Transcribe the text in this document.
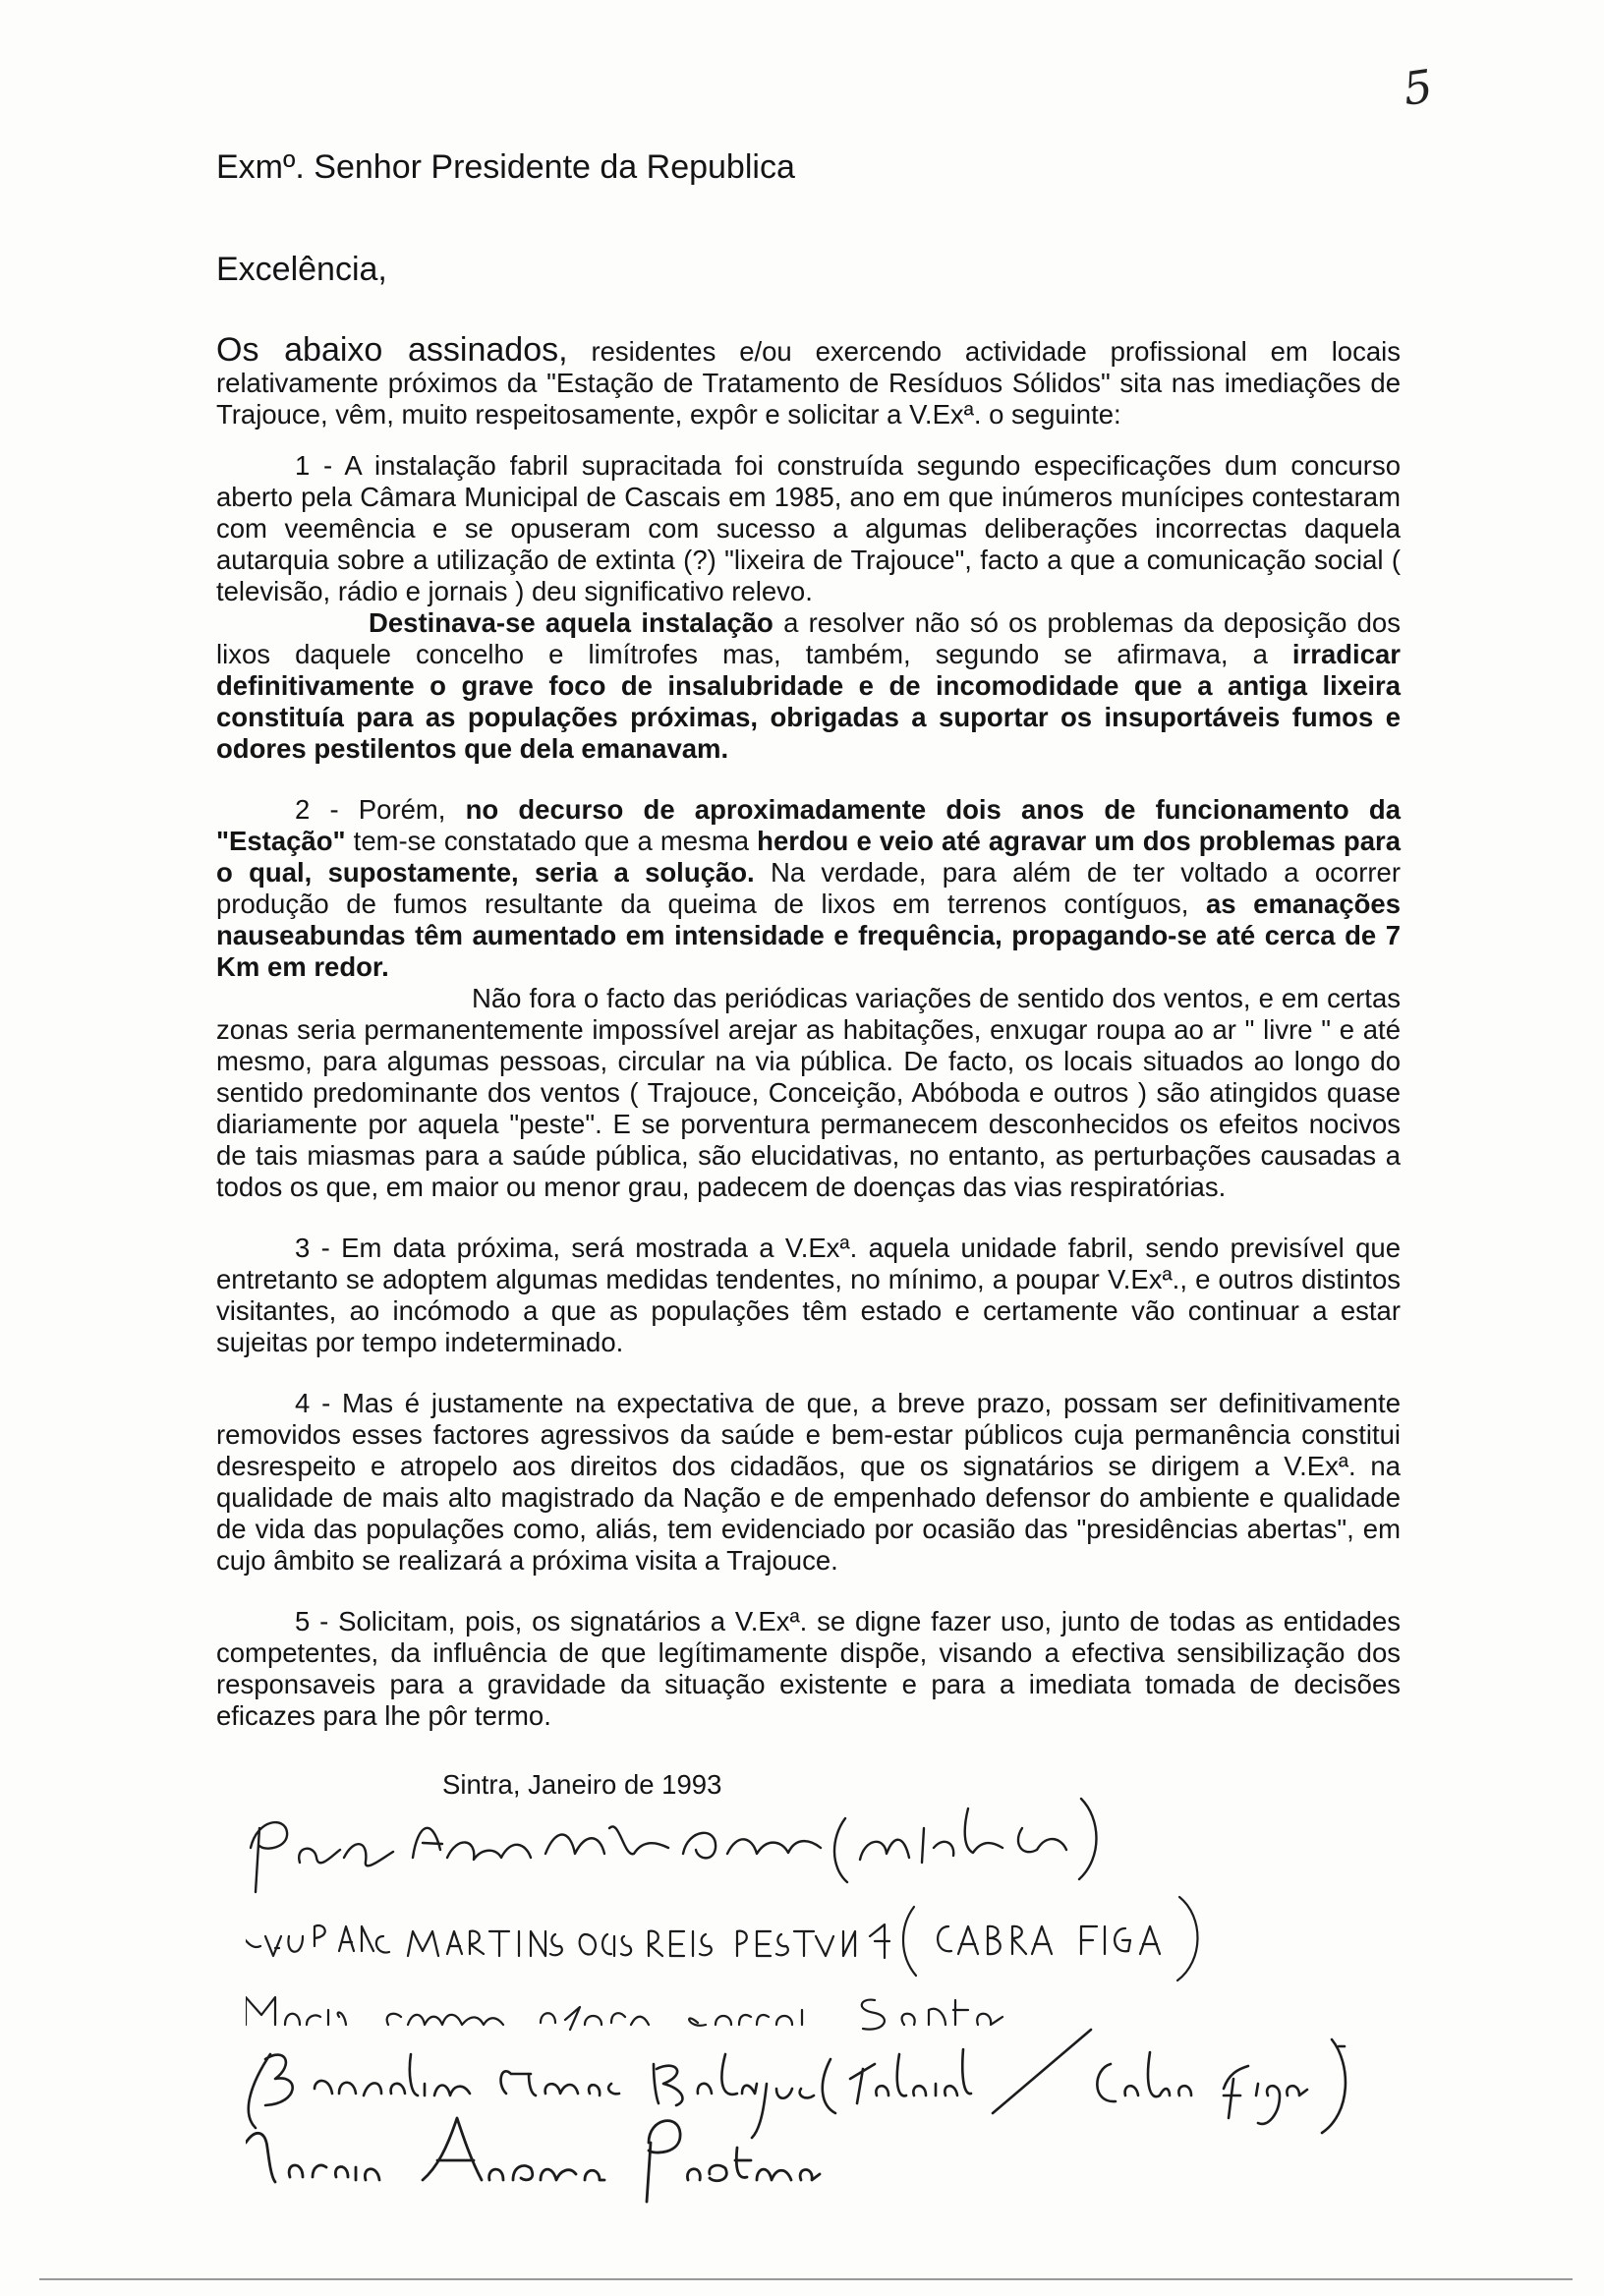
5
Exmº. Senhor Presidente da Republica
Excelência,
Os abaixo assinados, residentes e/ou exercendo actividade profissional em locais relativamente próximos da "Estação de Tratamento de Resíduos Sólidos" sita nas imediações de Trajouce, vêm, muito respeitosamente, expôr e solicitar a V.Exª. o seguinte:

1 - A instalação fabril supracitada foi construída segundo especificações dum concurso aberto pela Câmara Municipal de Cascais em 1985, ano em que inúmeros munícipes contestaram com veemência e se opuseram com sucesso a algumas deliberações incorrectas daquela autarquia sobre a utilização de extinta (?) "lixeira de Trajouce", facto a que a comunicação social ( televisão, rádio e jornais ) deu significativo relevo.

Destinava-se aquela instalação a resolver não só os problemas da deposição dos lixos daquele concelho e limítrofes mas, também, segundo se afirmava, a irradicar definitivamente o grave foco de insalubridade e de incomodidade que a antiga lixeira constituía para as populações próximas, obrigadas a suportar os insuportáveis fumos e odores pestilentos que dela emanavam.

2 - Porém, no decurso de aproximadamente dois anos de funcionamento da "Estação" tem-se constatado que a mesma herdou e veio até agravar um dos problemas para o qual, supostamente, seria a solução. Na verdade, para além de ter voltado a ocorrer produção de fumos resultante da queima de lixos em terrenos contíguos, as emanações nauseabundas têm aumentado em intensidade e frequência, propagando-se até cerca de 7 Km em redor.

Não fora o facto das periódicas variações de sentido dos ventos, e em certas zonas seria permanentemente impossível arejar as habitações, enxugar roupa ao ar " livre " e até mesmo, para algumas pessoas, circular na via pública. De facto, os locais situados ao longo do sentido predominante dos ventos ( Trajouce, Conceição, Abóboda e outros ) são atingidos quase diariamente por aquela "peste". E se porventura permanecem desconhecidos os efeitos nocivos de tais miasmas para a saúde pública, são elucidativas, no entanto, as perturbações causadas a todos os que, em maior ou menor grau, padecem de doenças das vias respiratórias.

3 - Em data próxima, será mostrada a V.Exª. aquela unidade fabril, sendo previsível que entretanto se adoptem algumas medidas tendentes, no mínimo, a poupar V.Exª., e outros distintos visitantes, ao incómodo a que as populações têm estado e certamente vão continuar a estar sujeitas por tempo indeterminado.

4 - Mas é justamente na expectativa de que, a breve prazo, possam ser definitivamente removidos esses factores agressivos da saúde e bem-estar públicos cuja permanência constitui desrespeito e atropelo aos direitos dos cidadãos, que os signatários se dirigem a V.Exª. na qualidade de mais alto magistrado da Nação e de empenhado defensor do ambiente e qualidade de vida das populações como, aliás, tem evidenciado por ocasião das "presidências abertas", em cujo âmbito se realizará a próxima visita a Trajouce.

5 - Solicitam, pois, os signatários a V.Exª. se digne fazer uso, junto de todas as entidades competentes, da influência de que legítimamente dispõe, visando a efectiva sensibilização dos responsaveis para a gravidade da situação existente e para a imediata tomada de decisões eficazes para lhe pôr termo.

Sintra, Janeiro de 1993
